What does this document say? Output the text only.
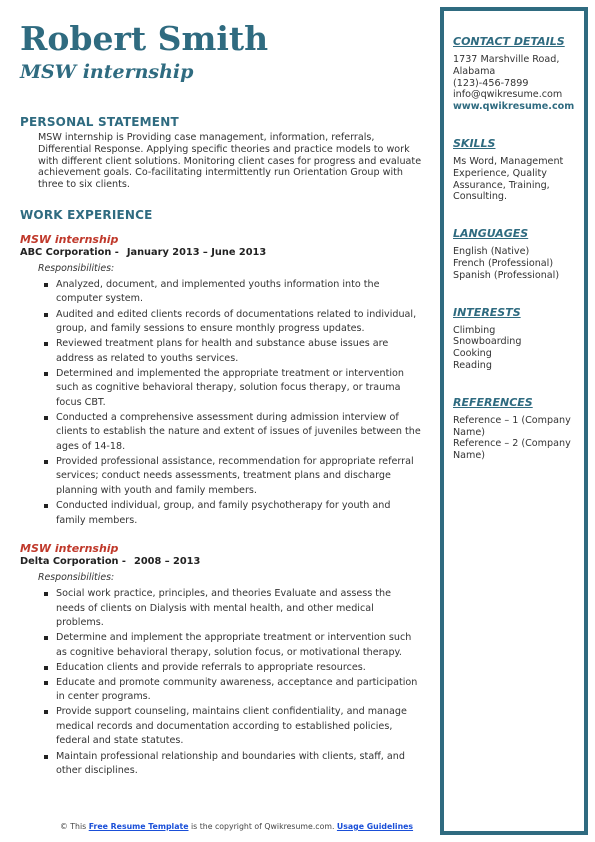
Robert Smith
MSW internship
PERSONAL STATEMENT
MSW internship is Providing case management, information, referrals, Differential Response. Applying specific theories and practice models to work with different client solutions. Monitoring client cases for progress and evaluate achievement goals. Co-facilitating intermittently run Orientation Group with three to six clients.
WORK EXPERIENCE
MSW internship
ABC Corporation - January 2013 – June 2013
Responsibilities:
Analyzed, document, and implemented youths information into the computer system.
Audited and edited clients records of documentations related to individual, group, and family sessions to ensure monthly progress updates.
Reviewed treatment plans for health and substance abuse issues are address as related to youths services.
Determined and implemented the appropriate treatment or intervention such as cognitive behavioral therapy, solution focus therapy, or trauma focus CBT.
Conducted a comprehensive assessment during admission interview of clients to establish the nature and extent of issues of juveniles between the ages of 14-18.
Provided professional assistance, recommendation for appropriate referral services; conduct needs assessments, treatment plans and discharge planning with youth and family members.
Conducted individual, group, and family psychotherapy for youth and family members.
MSW internship
Delta Corporation - 2008 – 2013
Responsibilities:
Social work practice, principles, and theories Evaluate and assess the needs of clients on Dialysis with mental health, and other medical problems.
Determine and implement the appropriate treatment or intervention such as cognitive behavioral therapy, solution focus, or motivational therapy.
Education clients and provide referrals to appropriate resources.
Educate and promote community awareness, acceptance and participation in center programs.
Provide support counseling, maintains client confidentiality, and manage medical records and documentation according to established policies, federal and state statutes.
Maintain professional relationship and boundaries with clients, staff, and other disciplines.
CONTACT DETAILS
1737 Marshville Road,
Alabama
(123)-456-7899
info@qwikresume.com
www.qwikresume.com
SKILLS
Ms Word, Management Experience, Quality Assurance, Training, Consulting.
LANGUAGES
English (Native)
French (Professional)
Spanish (Professional)
INTERESTS
Climbing
Snowboarding
Cooking
Reading
REFERENCES
Reference – 1 (Company Name)
Reference – 2 (Company Name)
© This Free Resume Template is the copyright of Qwikresume.com. Usage Guidelines
